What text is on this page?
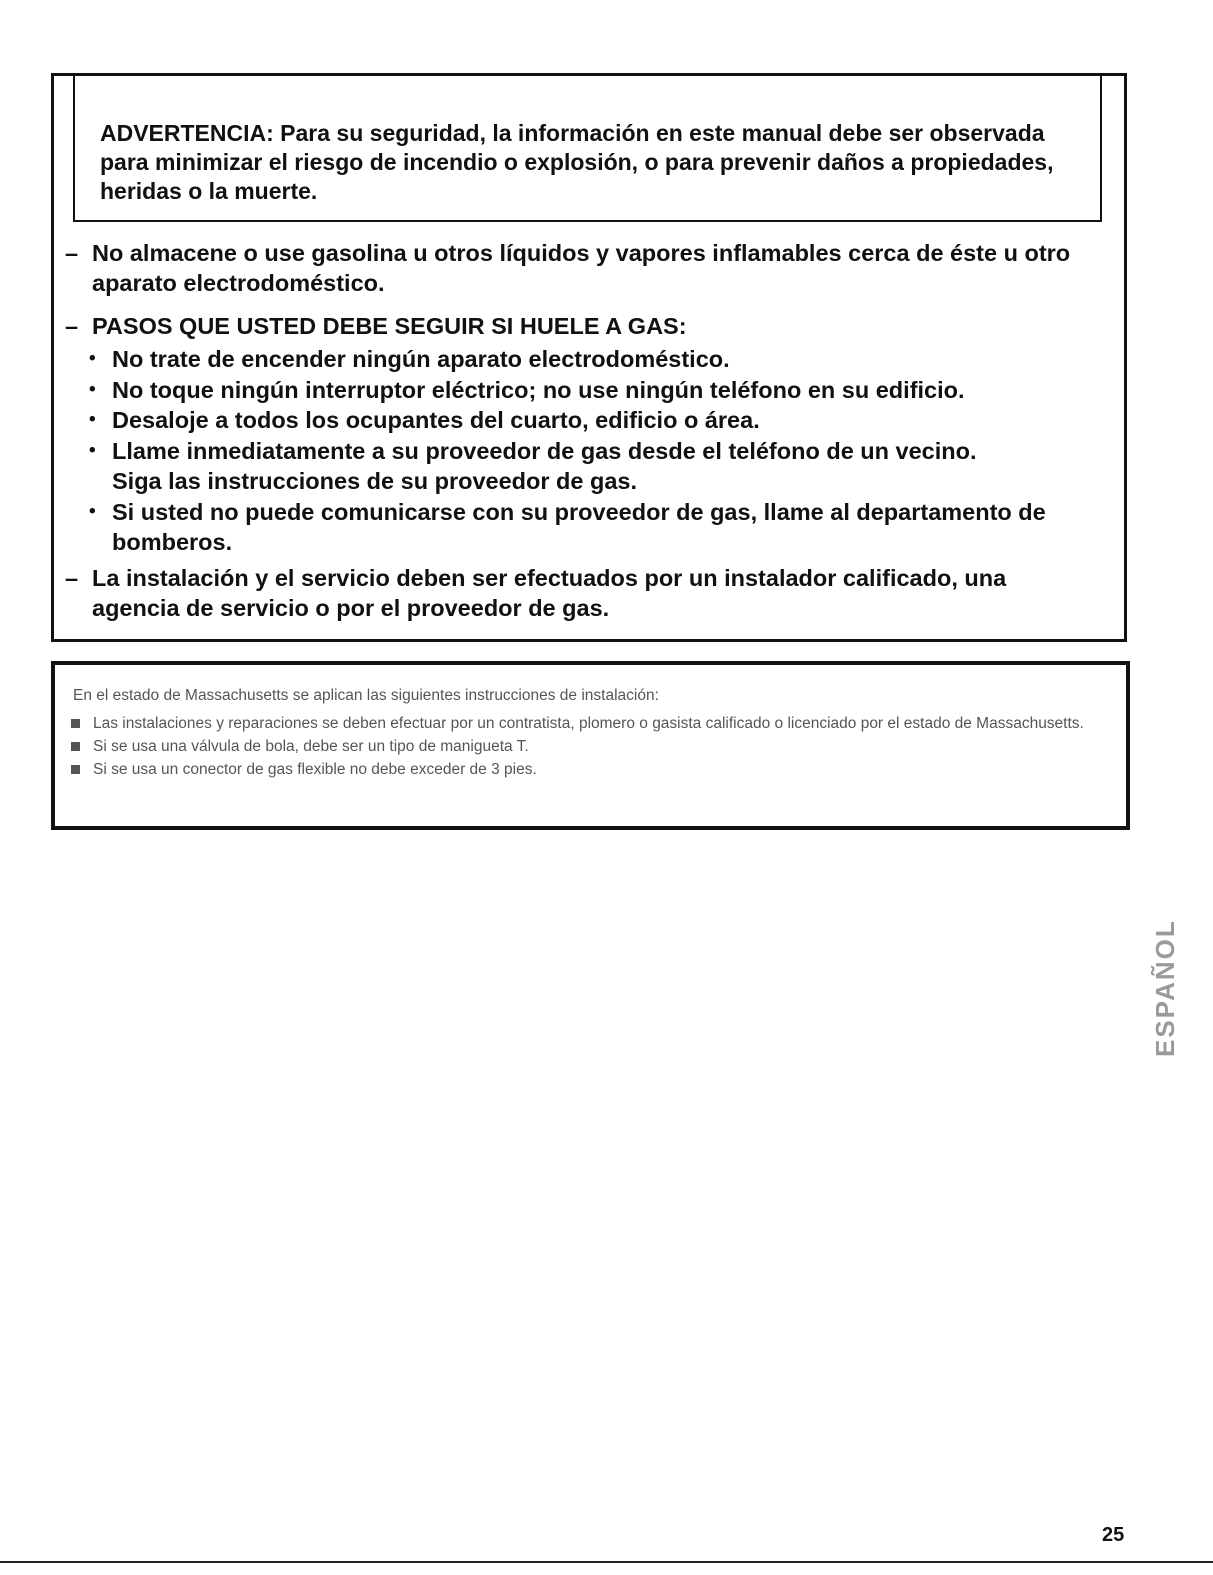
ADVERTENCIA: Para su seguridad, la información en este manual debe ser observada para minimizar el riesgo de incendio o explosión, o para prevenir daños a propiedades, heridas o la muerte.

– No almacene o use gasolina u otros líquidos y vapores inflamables cerca de éste u otro
aparato electrodoméstico.

– PASOS QUE USTED DEBE SEGUIR SI HUELE A GAS:

• No trate de encender ningún aparato electrodoméstico.
• No toque ningún interruptor eléctrico; no use ningún teléfono en su edificio.
• Desaloje a todos los ocupantes del cuarto, edificio o área.
• Llame inmediatamente a su proveedor de gas desde el teléfono de un vecino. Siga las instrucciones de su proveedor de gas.
• Si usted no puede comunicarse con su proveedor de gas, llame al departamento de bomberos.

– La instalación y el servicio deben ser efectuados por un instalador calificado, una
agencia de servicio o por el proveedor de gas.

En el estado de Massachusetts se aplican las siguientes instrucciones de instalación:

Las instalaciones y reparaciones se deben efectuar por un contratista, plomero o gasista calificado o licenciado por el estado de Massachusetts.
Si se usa una válvula de bola, debe ser un tipo de manigueta T.
Si se usa un conector de gas flexible no debe exceder de 3 pies.
ESPAÑOL

25
